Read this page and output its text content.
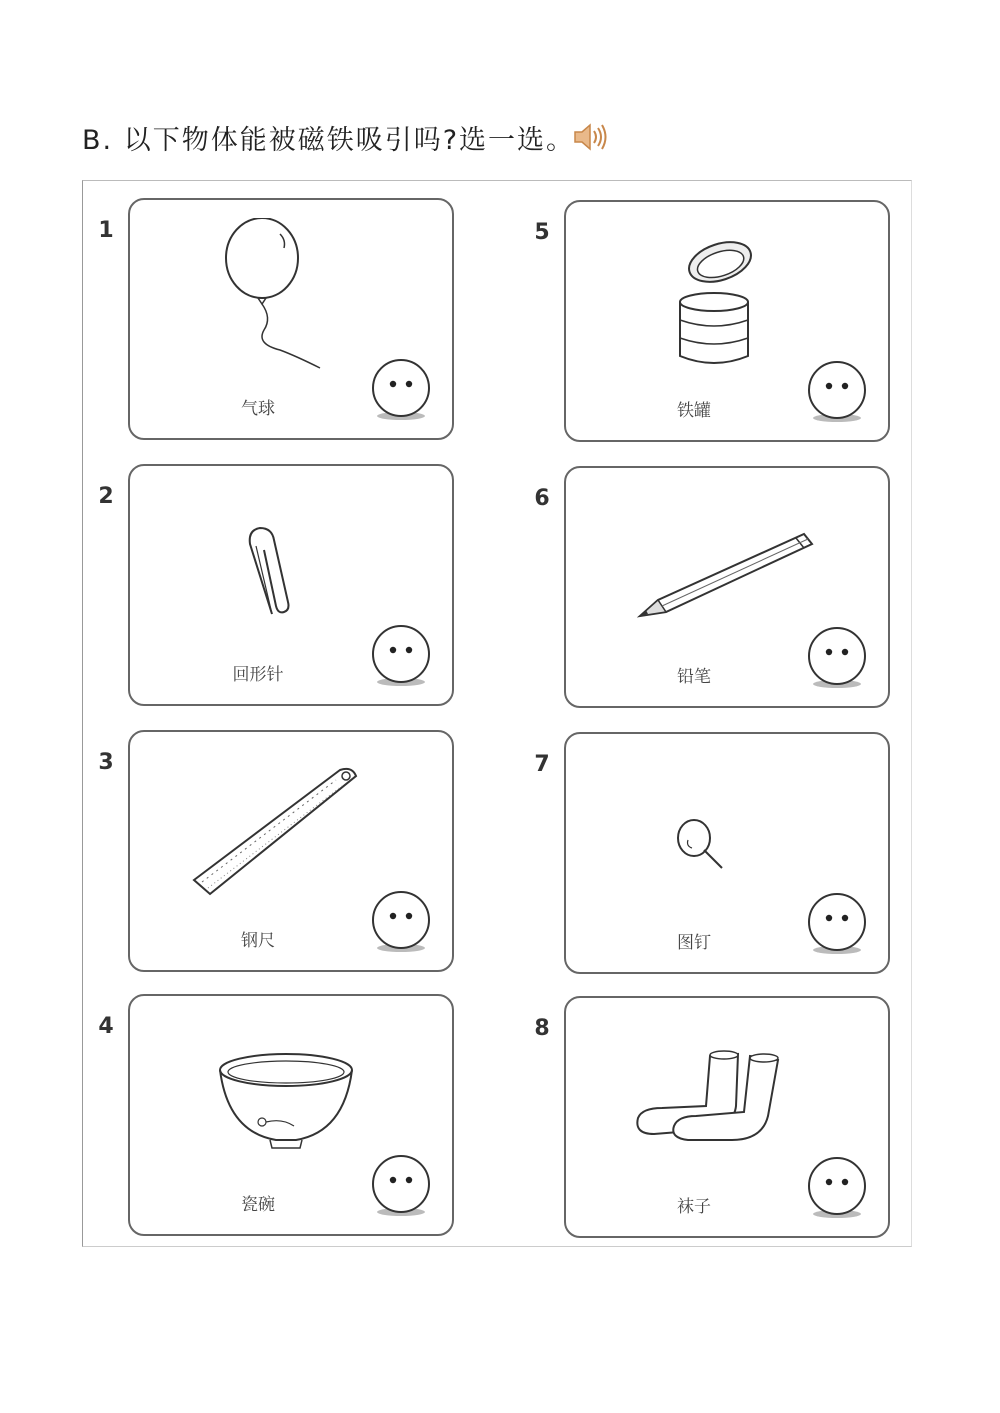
B. 以下物体能被磁铁吸引吗?选一选。
1
气球
2
回形针
3
钢尺
4
瓷碗
5
铁罐
6
铅笔
7
图钉
8
袜子
